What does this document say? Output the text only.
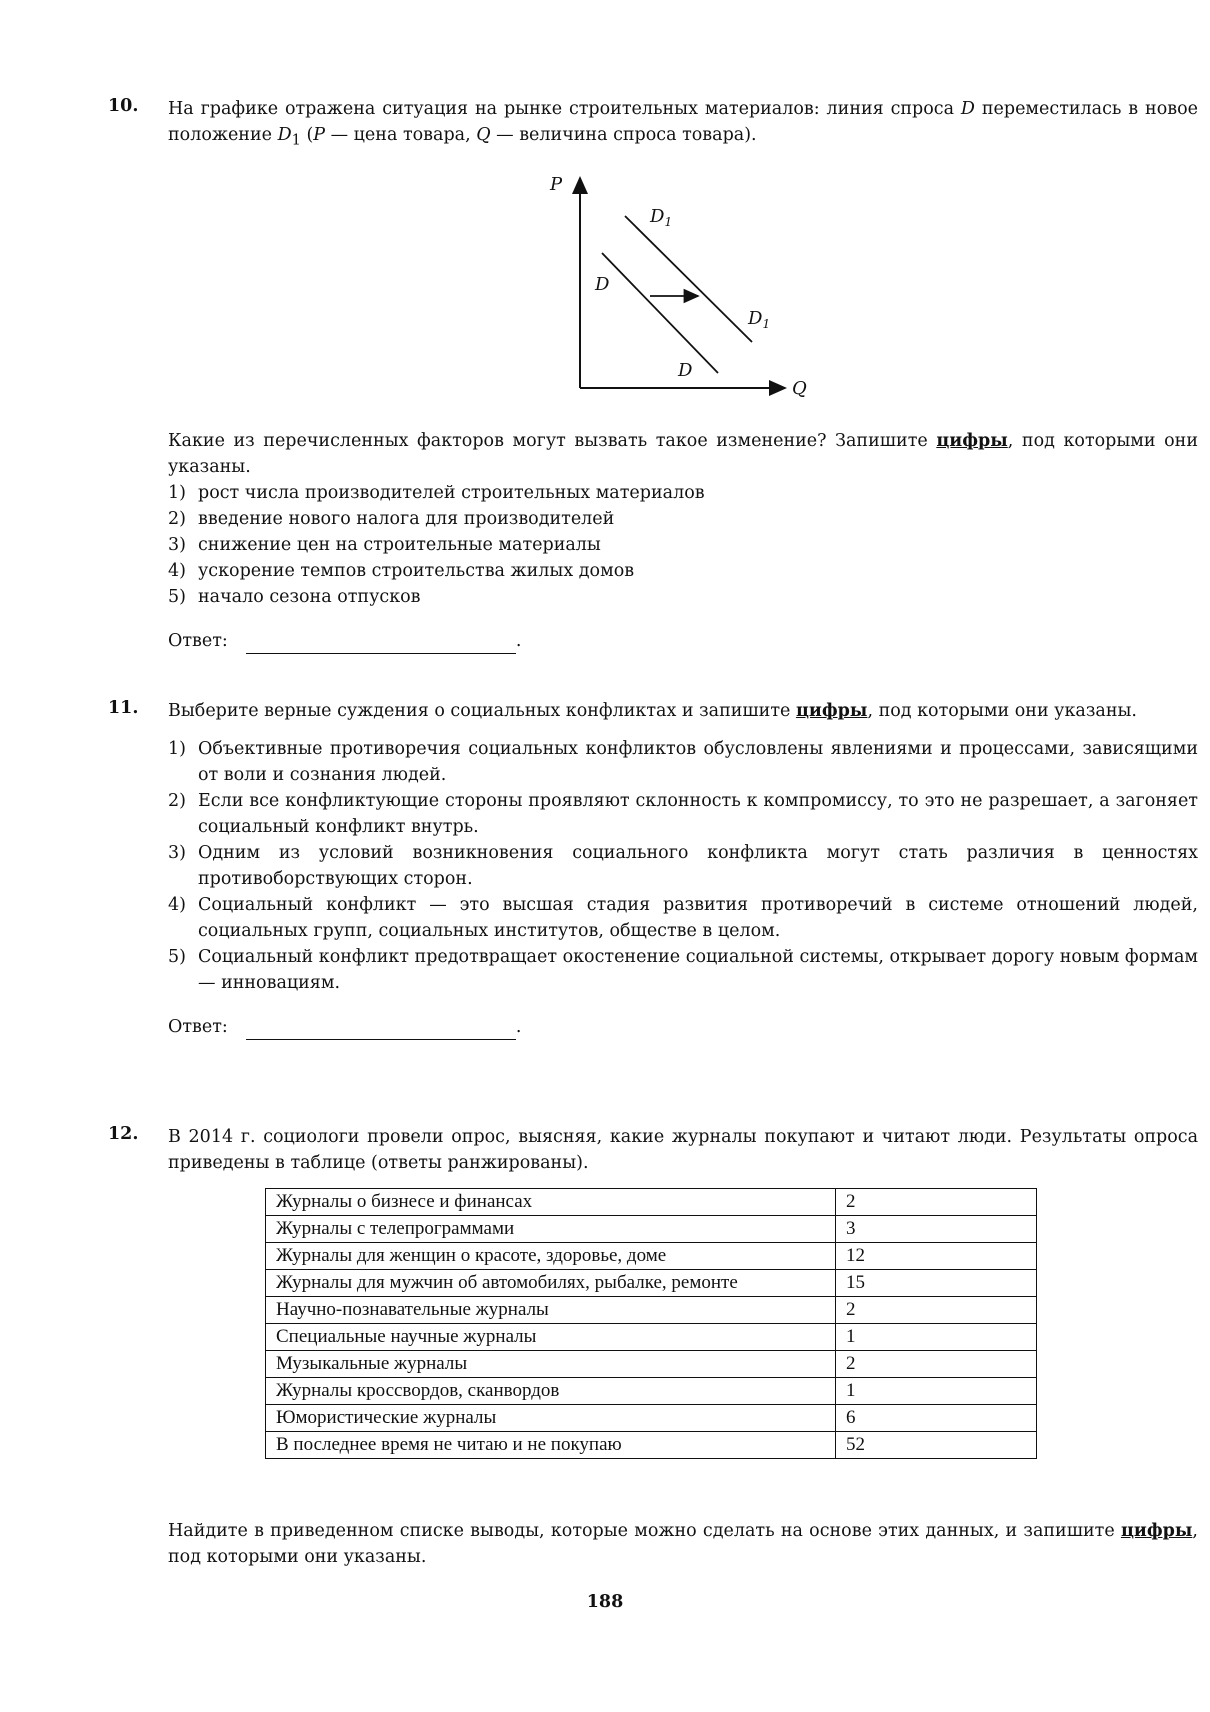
10. На графике отражена ситуация на рынке строительных материалов: линия спроса D переместилась в новое положение $D_1$ (P — цена товара, Q — величина спроса товара).
P
Q
D
D
$D_1$
$D_1$
Какие из перечисленных факторов могут вызвать такое изменение? Запишите цифры, под которыми они указаны.
1) рост числа производителей строительных материалов
2) введение нового налога для производителей
3) снижение цен на строительные материалы
4) ускорение темпов строительства жилых домов
5) начало сезона отпусков
Ответ:	.
11. Выберите верные суждения о социальных конфликтах и запишите цифры, под которыми они указаны.
1) Объективные противоречия социальных конфликтов обусловлены явлениями и процессами, зависящими от воли и сознания людей.
2) Если все конфликтующие стороны проявляют склонность к компромиссу, то это не разрешает, а загоняет социальный конфликт внутрь.
3) Одним из условий возникновения социального конфликта могут стать различия в ценностях противоборствующих сторон.
4) Социальный конфликт — это высшая стадия развития противоречий в системе отношений людей, социальных групп, социальных институтов, обществе в целом.
5) Социальный конфликт предотвращает окостенение социальной системы, открывает дорогу новым формам — инновациям.
Ответ:	.
12. В 2014 г. социологи провели опрос, выясняя, какие журналы покупают и читают люди. Результаты опроса приведены в таблице (ответы ранжированы).
Журналы о бизнесе и финансах	2
Журналы с телепрограммами	3
Журналы для женщин о красоте, здоровье, доме	12
Журналы для мужчин об автомобилях, рыбалке, ремонте	15
Научно-познавательные журналы	2
Специальные научные журналы	1
Музыкальные журналы	2
Журналы кроссвордов, сканвордов	1
Юмористические журналы	6
В последнее время не читаю и не покупаю	52
Найдите в приведенном списке выводы, которые можно сделать на основе этих данных, и запишите цифры, под которыми они указаны.
188
